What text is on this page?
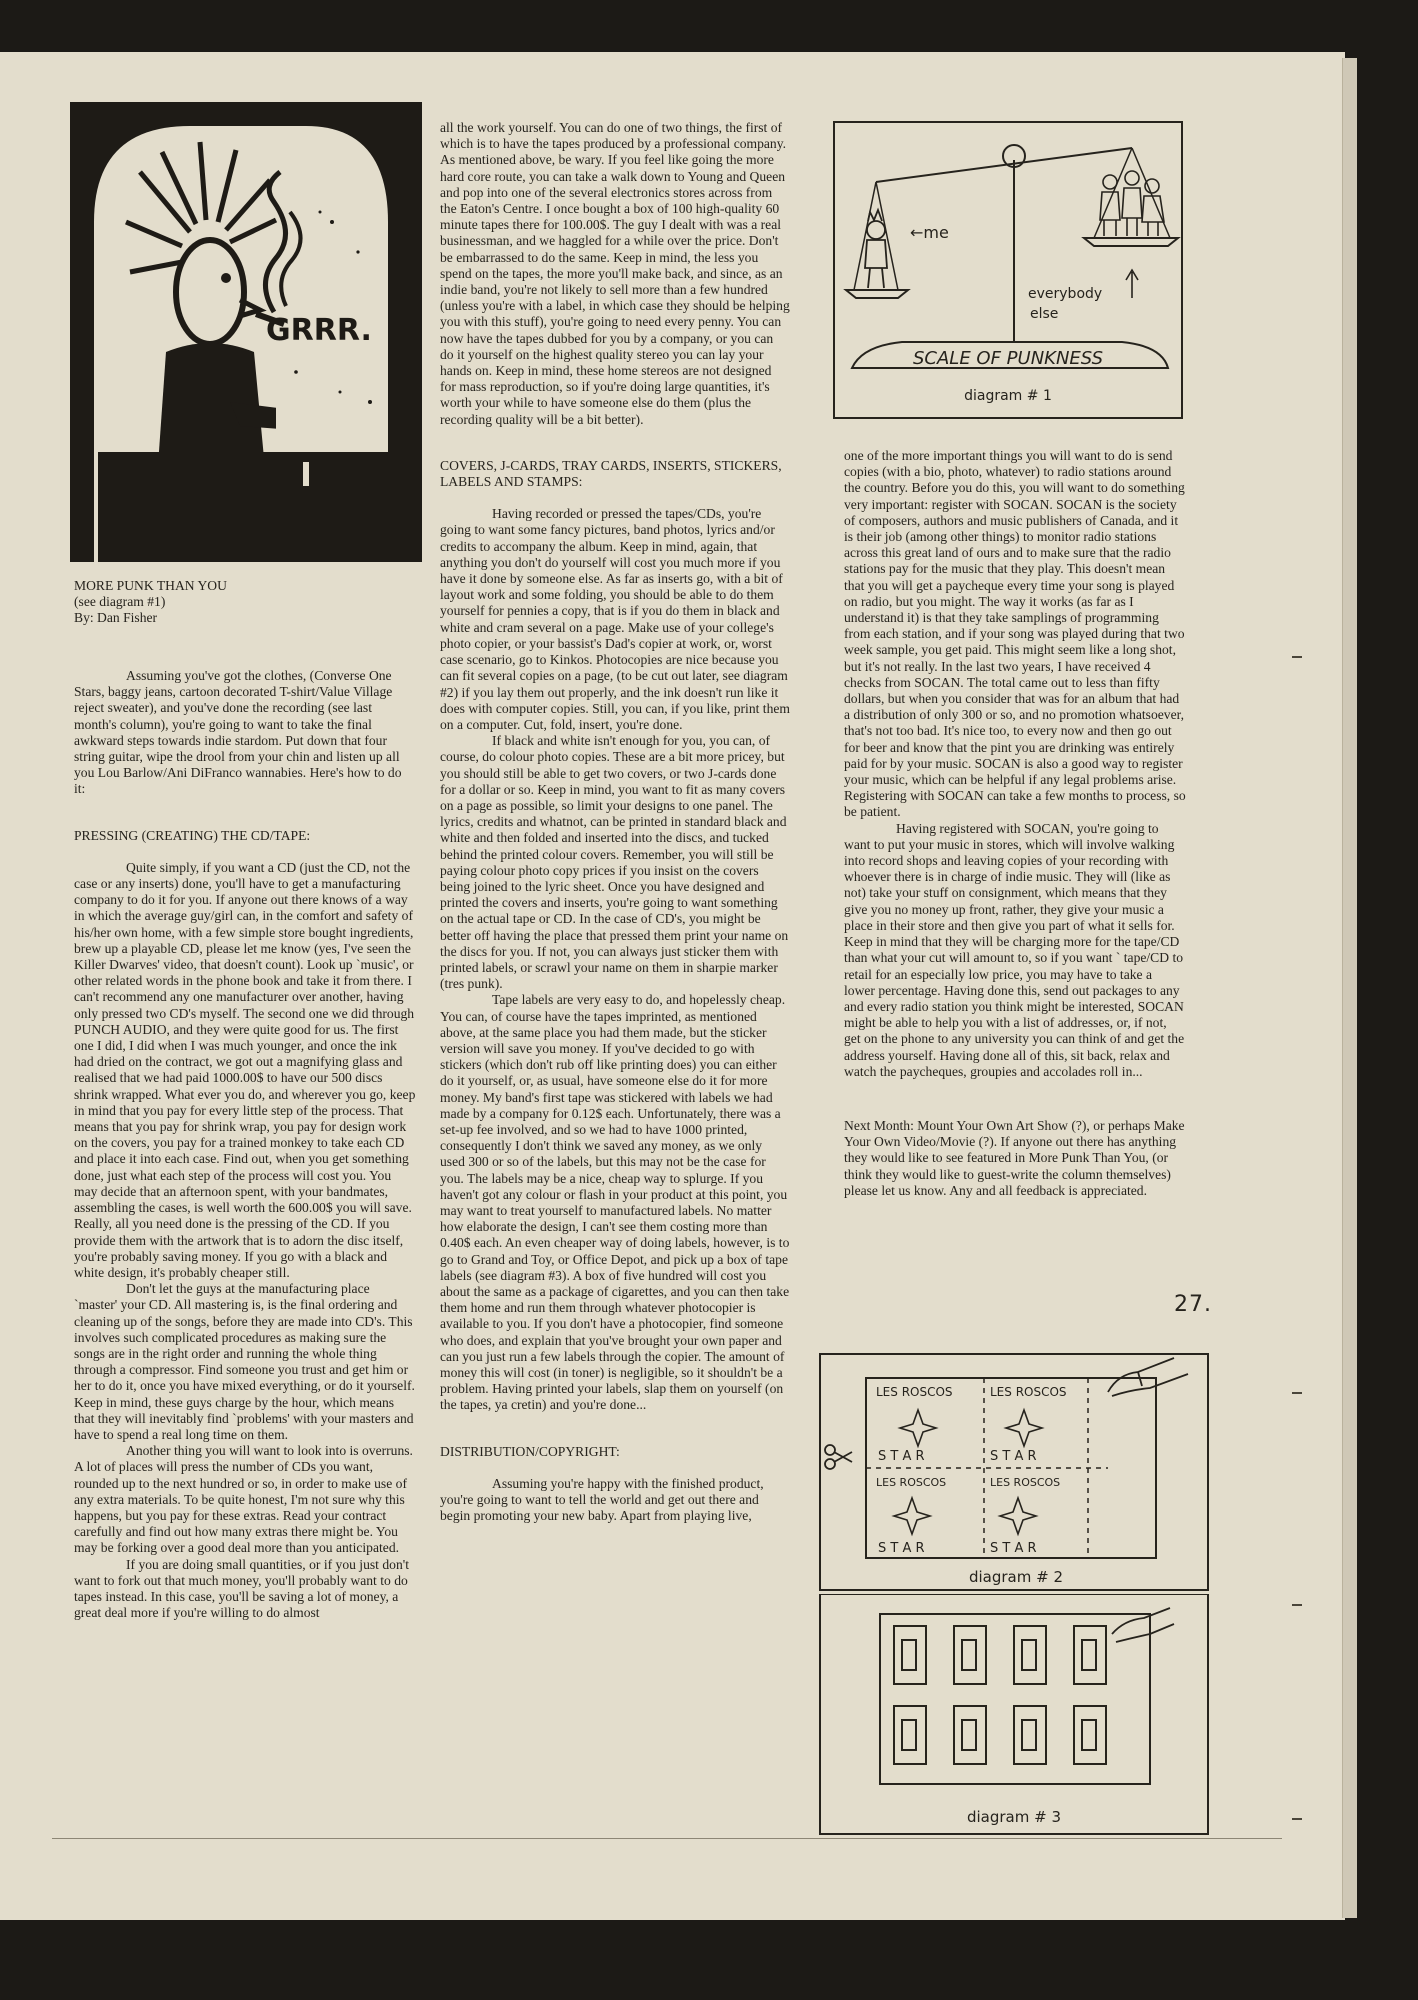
GRRR.
MORE PUNK THAN YOU
(see diagram #1)
By: Dan Fisher

Assuming you've got the clothes, (Converse One Stars, baggy jeans, cartoon decorated T-shirt/Value Village reject sweater), and you've done the recording (see last month's column), you're going to want to take the final awkward steps towards indie stardom. Put down that four string guitar, wipe the drool from your chin and listen up all you Lou Barlow/Ani DiFranco wannabies. Here's how to do it:

PRESSING (CREATING) THE CD/TAPE:

Quite simply, if you want a CD (just the CD, not the case or any inserts) done, you'll have to get a manufacturing company to do it for you. If anyone out there knows of a way in which the average guy/girl can, in the comfort and safety of his/her own home, with a few simple store bought ingredients, brew up a playable CD, please let me know (yes, I've seen the Killer Dwarves' video, that doesn't count). Look up `music', or other related words in the phone book and take it from there. I can't recommend any one manufacturer over another, having only pressed two CD's myself. The second one we did through PUNCH AUDIO, and they were quite good for us. The first one I did, I did when I was much younger, and once the ink had dried on the contract, we got out a magnifying glass and realised that we had paid 1000.00$ to have our 500 discs shrink wrapped. What ever you do, and wherever you go, keep in mind that you pay for every little step of the process. That means that you pay for shrink wrap, you pay for design work on the covers, you pay for a trained monkey to take each CD and place it into each case. Find out, when you get something done, just what each step of the process will cost you. You may decide that an afternoon spent, with your bandmates, assembling the cases, is well worth the 600.00$ you will save. Really, all you need done is the pressing of the CD. If you provide them with the artwork that is to adorn the disc itself, you're probably saving money. If you go with a black and white design, it's probably cheaper still.

Don't let the guys at the manufacturing place `master' your CD. All mastering is, is the final ordering and cleaning up of the songs, before they are made into CD's. This involves such complicated procedures as making sure the songs are in the right order and running the whole thing through a compressor. Find someone you trust and get him or her to do it, once you have mixed everything, or do it yourself. Keep in mind, these guys charge by the hour, which means that they will inevitably find `problems' with your masters and have to spend a real long time on them.

Another thing you will want to look into is overruns. A lot of places will press the number of CDs you want, rounded up to the next hundred or so, in order to make use of any extra materials. To be quite honest, I'm not sure why this happens, but you pay for these extras. Read your contract carefully and find out how many extras there might be. You may be forking over a good deal more than you anticipated.

If you are doing small quantities, or if you just don't want to fork out that much money, you'll probably want to do tapes instead. In this case, you'll be saving a lot of money, a great deal more if you're willing to do almost

all the work yourself. You can do one of two things, the first of which is to have the tapes produced by a professional company. As mentioned above, be wary. If you feel like going the more hard core route, you can take a walk down to Young and Queen and pop into one of the several electronics stores across from the Eaton's Centre. I once bought a box of 100 high-quality 60 minute tapes there for 100.00$. The guy I dealt with was a real businessman, and we haggled for a while over the price. Don't be embarrassed to do the same. Keep in mind, the less you spend on the tapes, the more you'll make back, and since, as an indie band, you're not likely to sell more than a few hundred (unless you're with a label, in which case they should be helping you with this stuff), you're going to need every penny. You can now have the tapes dubbed for you by a company, or you can do it yourself on the highest quality stereo you can lay your hands on. Keep in mind, these home stereos are not designed for mass reproduction, so if you're doing large quantities, it's worth your while to have someone else do them (plus the recording quality will be a bit better).

COVERS, J-CARDS, TRAY CARDS, INSERTS, STICKERS, LABELS AND STAMPS:

Having recorded or pressed the tapes/CDs, you're going to want some fancy pictures, band photos, lyrics and/or credits to accompany the album. Keep in mind, again, that anything you don't do yourself will cost you much more if you have it done by someone else. As far as inserts go, with a bit of layout work and some folding, you should be able to do them yourself for pennies a copy, that is if you do them in black and white and cram several on a page. Make use of your college's photo copier, or your bassist's Dad's copier at work, or, worst case scenario, go to Kinkos. Photocopies are nice because you can fit several copies on a page, (to be cut out later, see diagram #2) if you lay them out properly, and the ink doesn't run like it does with computer copies. Still, you can, if you like, print them on a computer. Cut, fold, insert, you're done.

If black and white isn't enough for you, you can, of course, do colour photo copies. These are a bit more pricey, but you should still be able to get two covers, or two J-cards done for a dollar or so. Keep in mind, you want to fit as many covers on a page as possible, so limit your designs to one panel. The lyrics, credits and whatnot, can be printed in standard black and white and then folded and inserted into the discs, and tucked behind the printed colour covers. Remember, you will still be paying colour photo copy prices if you insist on the covers being joined to the lyric sheet. Once you have designed and printed the covers and inserts, you're going to want something on the actual tape or CD. In the case of CD's, you might be better off having the place that pressed them print your name on the discs for you. If not, you can always just sticker them with printed labels, or scrawl your name on them in sharpie marker (tres punk).

Tape labels are very easy to do, and hopelessly cheap. You can, of course have the tapes imprinted, as mentioned above, at the same place you had them made, but the sticker version will save you money. If you've decided to go with stickers (which don't rub off like printing does) you can either do it yourself, or, as usual, have someone else do it for more money. My band's first tape was stickered with labels we had made by a company for 0.12$ each. Unfortunately, there was a set-up fee involved, and so we had to have 1000 printed, consequently I don't think we saved any money, as we only used 300 or so of the labels, but this may not be the case for you. The labels may be a nice, cheap way to splurge. If you haven't got any colour or flash in your product at this point, you may want to treat yourself to manufactured labels. No matter how elaborate the design, I can't see them costing more than 0.40$ each. An even cheaper way of doing labels, however, is to go to Grand and Toy, or Office Depot, and pick up a box of tape labels (see diagram #3). A box of five hundred will cost you about the same as a package of cigarettes, and you can then take them home and run them through whatever photocopier is available to you. If you don't have a photocopier, find someone who does, and explain that you've brought your own paper and can you just run a few labels through the copier. The amount of money this will cost (in toner) is negligible, so it shouldn't be a problem. Having printed your labels, slap them on yourself (on the tapes, ya cretin) and you're done...

DISTRIBUTION/COPYRIGHT:

Assuming you're happy with the finished product, you're going to want to tell the world and get out there and begin promoting your new baby. Apart from playing live,

←me
everybody
else
SCALE OF PUNKNESS
diagram # 1

one of the more important things you will want to do is send copies (with a bio, photo, whatever) to radio stations around the country. Before you do this, you will want to do something very important: register with SOCAN. SOCAN is the society of composers, authors and music publishers of Canada, and it is their job (among other things) to monitor radio stations across this great land of ours and to make sure that the radio stations pay for the music that they play. This doesn't mean that you will get a paycheque every time your song is played on radio, but you might. The way it works (as far as I understand it) is that they take samplings of programming from each station, and if your song was played during that two week sample, you get paid. This might seem like a long shot, but it's not really. In the last two years, I have received 4 checks from SOCAN. The total came out to less than fifty dollars, but when you consider that was for an album that had a distribution of only 300 or so, and no promotion whatsoever, that's not too bad. It's nice too, to every now and then go out for beer and know that the pint you are drinking was entirely paid for by your music. SOCAN is also a good way to register your music, which can be helpful if any legal problems arise. Registering with SOCAN can take a few months to process, so be patient.

Having registered with SOCAN, you're going to want to put your music in stores, which will involve walking into record shops and leaving copies of your recording with whoever there is in charge of indie music. They will (like as not) take your stuff on consignment, which means that they give you no money up front, rather, they give your music a place in their store and then give you part of what it sells for. Keep in mind that they will be charging more for the tape/CD than what your cut will amount to, so if you want ` tape/CD to retail for an especially low price, you may have to take a lower percentage. Having done this, send out packages to any and every radio station you think might be interested, SOCAN might be able to help you with a list of addresses, or, if not, get on the phone to any university you can think of and get the address yourself. Having done all of this, sit back, relax and watch the paycheques, groupies and accolades roll in...

Next Month: Mount Your Own Art Show (?), or perhaps Make Your Own Video/Movie (?). If anyone out there has anything they would like to see featured in More Punk Than You, (or think they would like to guest-write the column themselves) please let us know. Any and all feedback is appreciated.

27.
LES ROSCOS	LES ROSCOS
LES ROSCOS	LES ROSCOS
S T A R	S T A R
S T A R	S T A R
diagram # 2
diagram # 3
